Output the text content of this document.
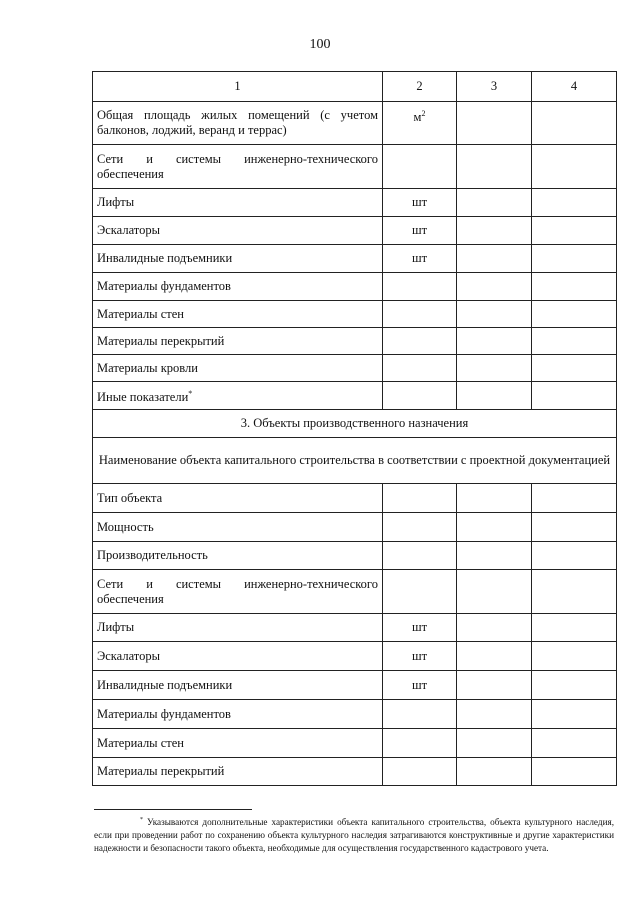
100
1	2	3	4
Общая площадь жилых помещений (с учетом балконов, лоджий, веранд и террас)	$м^2$		
Сети и системы инженерно-технического обеспечения			
Лифты	шт		
Эскалаторы	шт		
Инвалидные подъемники	шт		
Материалы фундаментов			
Материалы стен			
Материалы перекрытий			
Материалы кровли			
Иные показатели*			
3. Объекты производственного назначения			
Наименование объекта капитального строительства в соответствии с проектной документацией			
Тип объекта			
Мощность			
Производительность			
Сети и системы инженерно-технического обеспечения			
Лифты	шт		
Эскалаторы	шт		
Инвалидные подъемники	шт		
Материалы фундаментов			
Материалы стен			
Материалы перекрытий			
* Указываются дополнительные характеристики объекта капитального строительства, объекта культурного наследия, если при проведении работ по сохранению объекта культурного наследия затрагиваются конструктивные и другие характеристики надежности и безопасности такого объекта, необходимые для осуществления государственного кадастрового учета.
